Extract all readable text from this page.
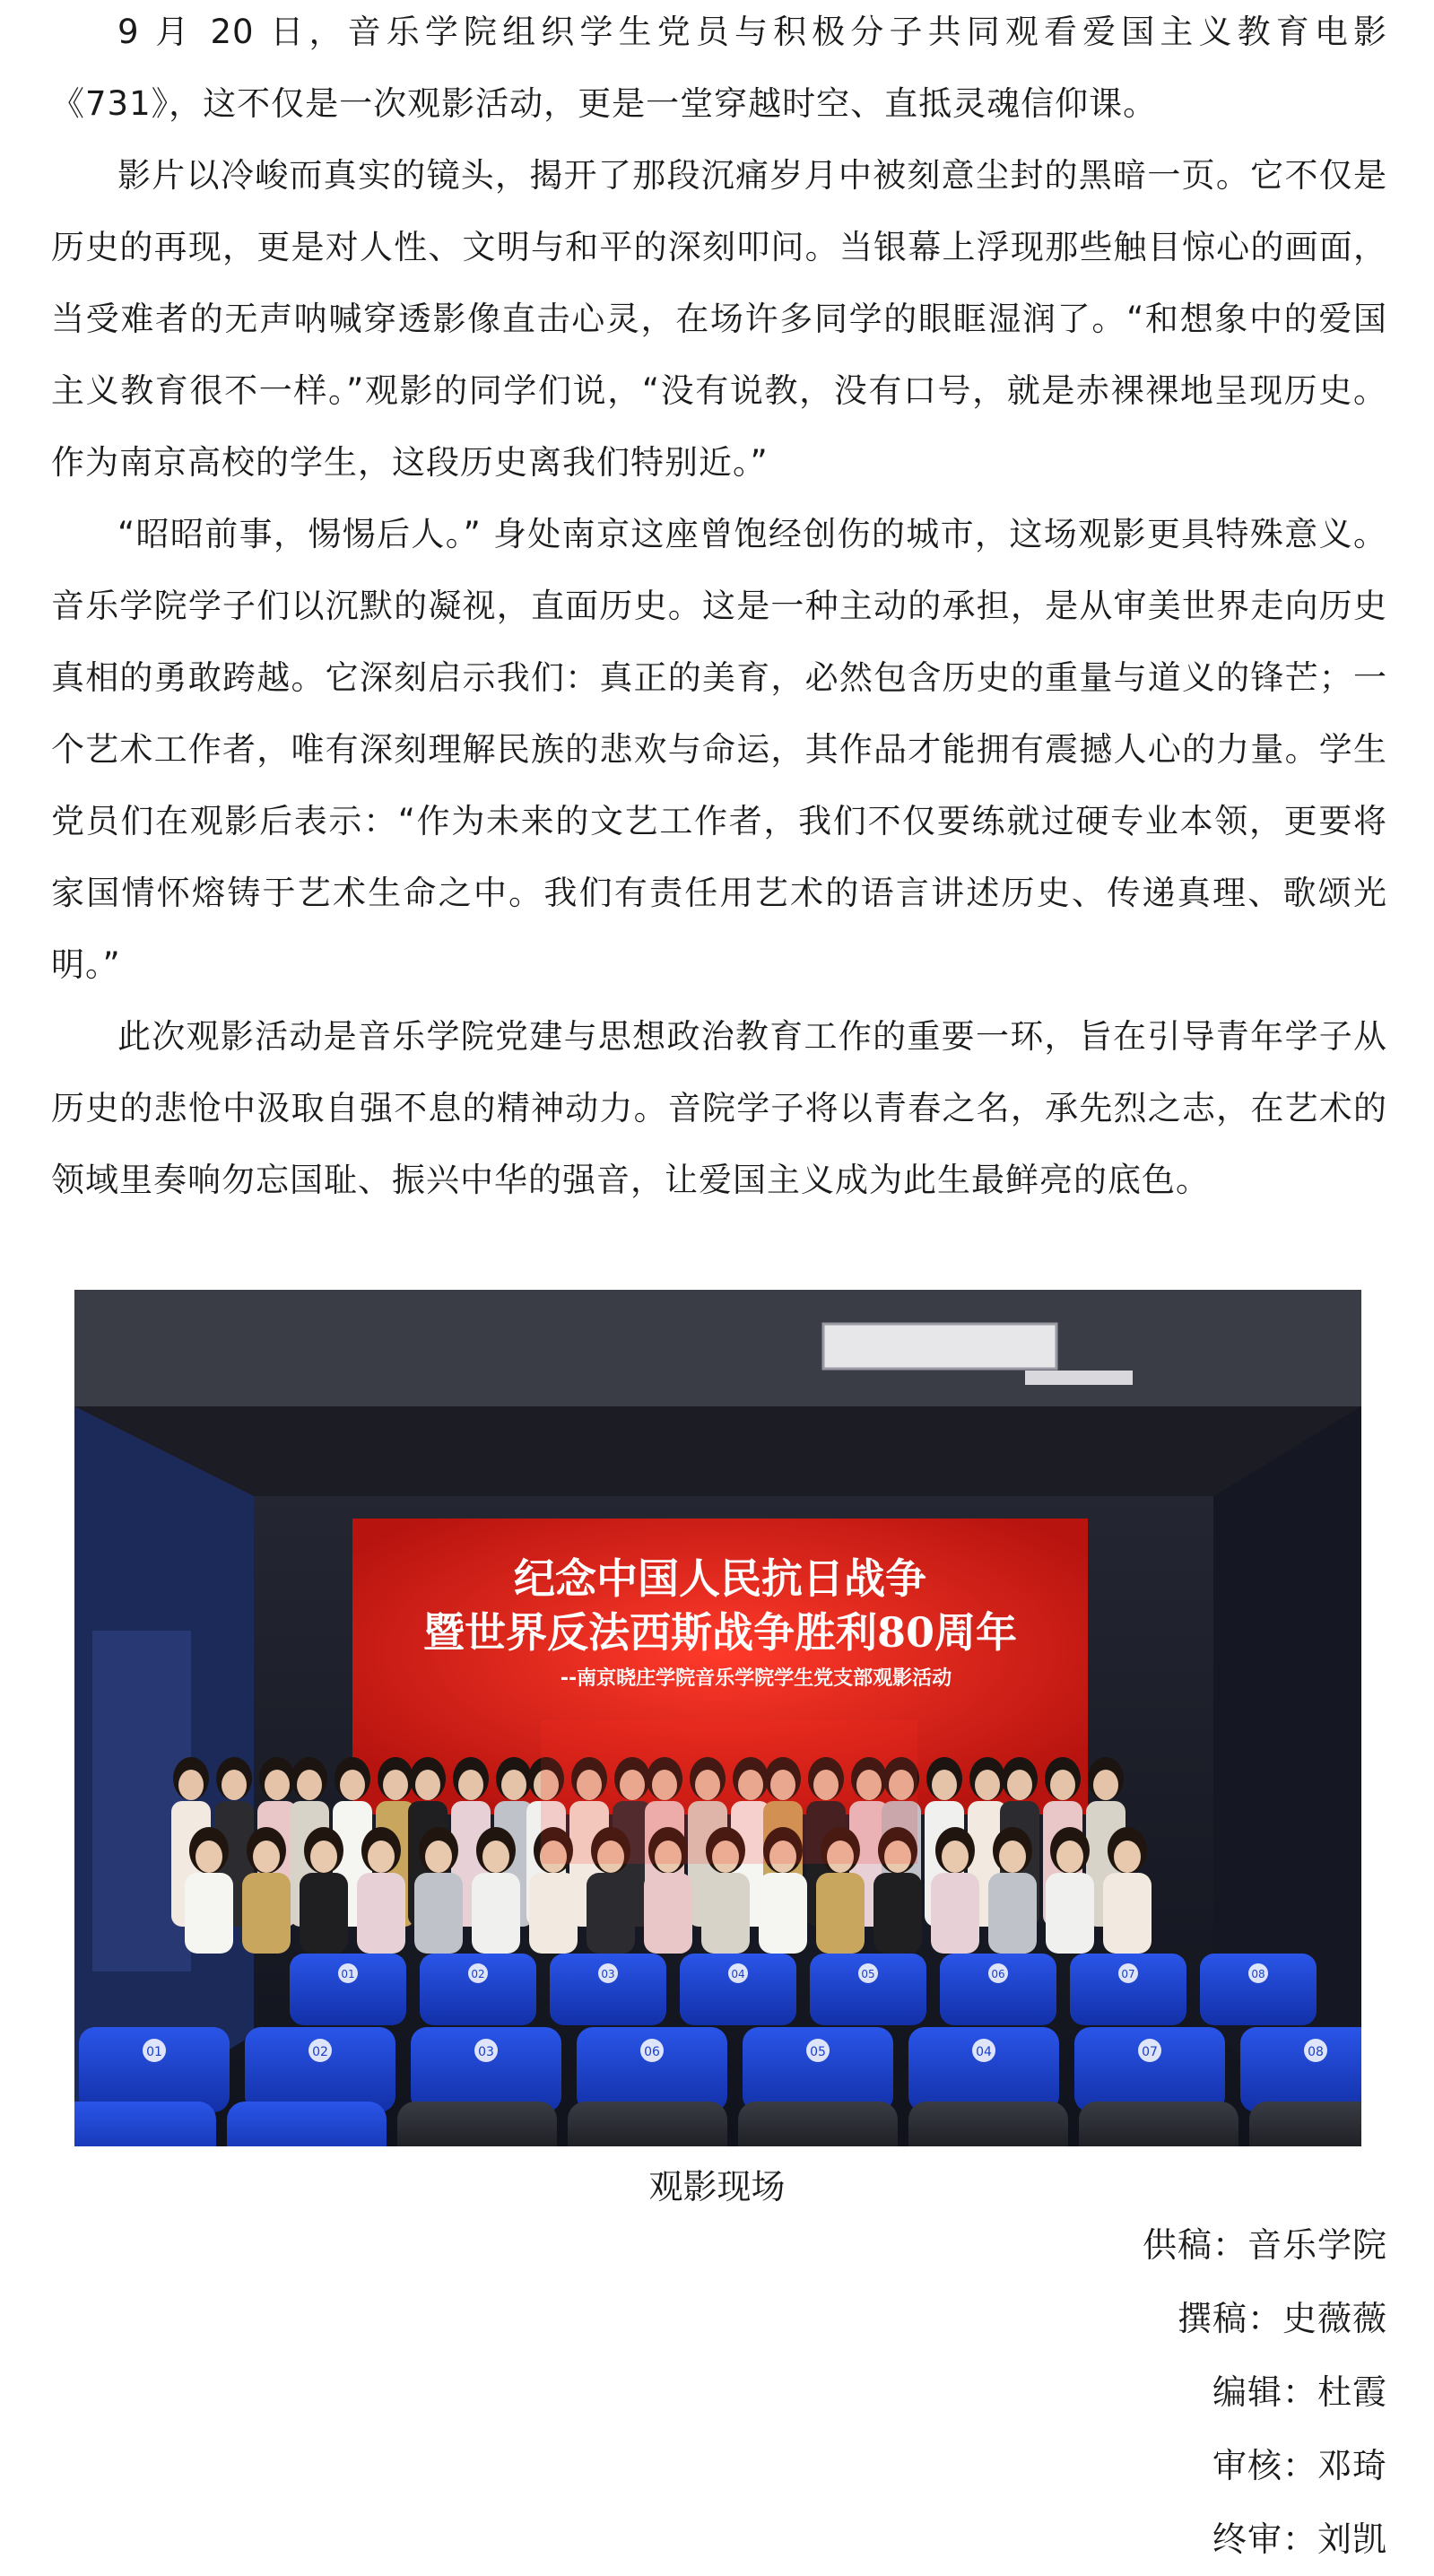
9 月 20 日，音乐学院组织学生党员与积极分子共同观看爱国主义教育电影《731》，这不仅是一次观影活动，更是一堂穿越时空、直抵灵魂信仰课。

影片以冷峻而真实的镜头，揭开了那段沉痛岁月中被刻意尘封的黑暗一页。它不仅是历史的再现，更是对人性、文明与和平的深刻叩问。当银幕上浮现那些触目惊心的画面，当受难者的无声呐喊穿透影像直击心灵，在场许多同学的眼眶湿润了。“和想象中的爱国主义教育很不一样。”观影的同学们说，“没有说教，没有口号，就是赤裸裸地呈现历史。作为南京高校的学生，这段历史离我们特别近。”

“昭昭前事，惕惕后人。” 身处南京这座曾饱经创伤的城市，这场观影更具特殊意义。音乐学院学子们以沉默的凝视，直面历史。这是一种主动的承担，是从审美世界走向历史真相的勇敢跨越。它深刻启示我们：真正的美育，必然包含历史的重量与道义的锋芒；一个艺术工作者，唯有深刻理解民族的悲欢与命运，其作品才能拥有震撼人心的力量。学生党员们在观影后表示：“作为未来的文艺工作者，我们不仅要练就过硬专业本领，更要将家国情怀熔铸于艺术生命之中。我们有责任用艺术的语言讲述历史、传递真理、歌颂光明。”

此次观影活动是音乐学院党建与思想政治教育工作的重要一环，旨在引导青年学子从历史的悲怆中汲取自强不息的精神动力。音院学子将以青春之名，承先烈之志，在艺术的领域里奏响勿忘国耻、振兴中华的强音，让爱国主义成为此生最鲜亮的底色。

纪念中国人民抗日战争
暨世界反法西斯战争胜利80周年
--南京晓庄学院音乐学院学生党支部观影活动
01	02	03	04	05	06	07	08
01	02	03	06	05	04	07	08
观影现场
供稿：音乐学院
撰稿：史薇薇
编辑：杜霞
审核：邓琦
终审：刘凯
